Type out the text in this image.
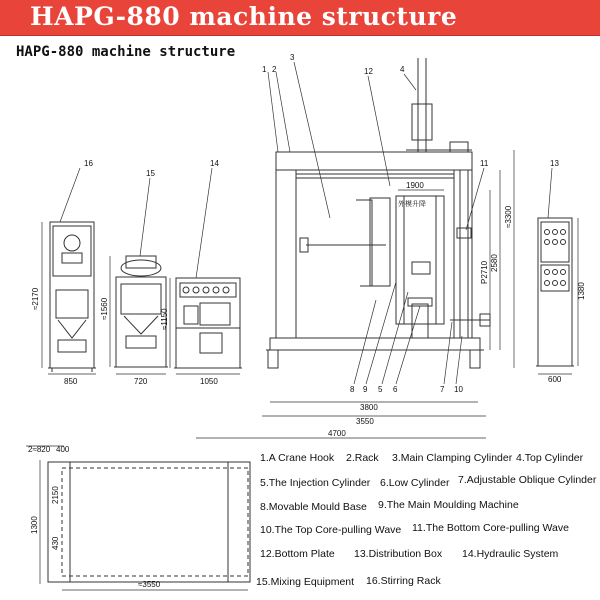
HAPG-880 machine structure
HAPG-880 machine structure
1 2
3
12	4
16
15
14	13
11
8 9 5 6	7 10
850	720	1050
3800
3550
4700
600
1900
≈3550
2≈820 400
外模升降
≈2170	≈1560	≈1150
≈3300
2580
P2710
1380
1300
2150
430
1.A Crane Hook 2.Rack 3.Main Clamping Cylinder 4.Top Cylinder
5.The Injection Cylinder 6.Low Cylinder 7.Adjustable Oblique Cylinder
8.Movable Mould Base 9.The Main Moulding Machine
10.The Top Core-pulling Wave 11.The Bottom Core-pulling Wave
12.Bottom Plate 13.Distribution Box 14.Hydraulic System
15.Mixing Equipment 16.Stirring Rack
